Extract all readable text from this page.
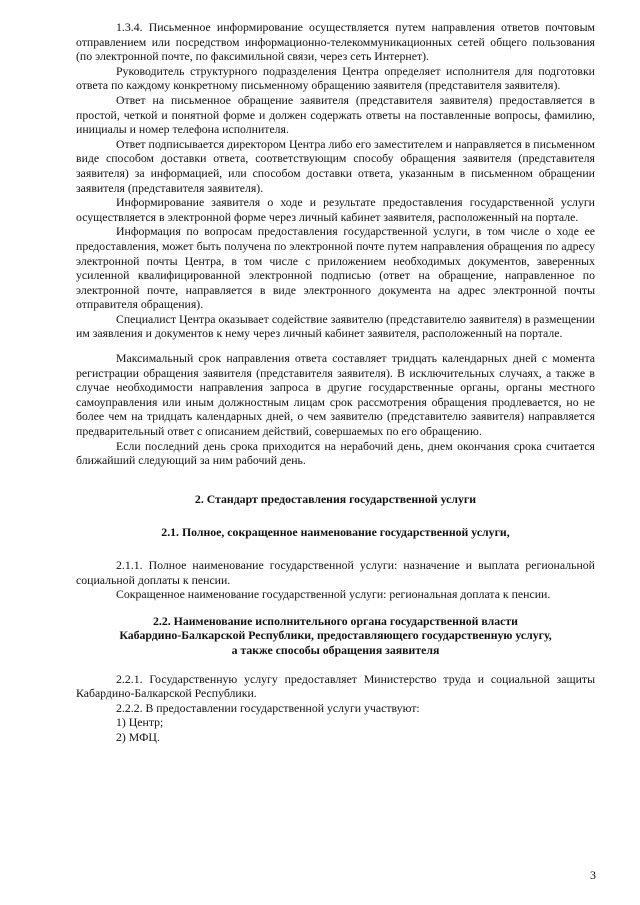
1.3.4. Письменное информирование осуществляется путем направления ответов почтовым отправлением или посредством информационно-телекоммуникационных сетей общего пользования (по электронной почте, по факсимильной связи, через сеть Интернет).

Руководитель структурного подразделения Центра определяет исполнителя для подготовки ответа по каждому конкретному письменному обращению заявителя (представителя заявителя).

Ответ на письменное обращение заявителя (представителя заявителя) предоставляется в простой, четкой и понятной форме и должен содержать ответы на поставленные вопросы, фамилию, инициалы и номер телефона исполнителя.

Ответ подписывается директором Центра либо его заместителем и направляется в письменном виде способом доставки ответа, соответствующим способу обращения заявителя (представителя заявителя) за информацией, или способом доставки ответа, указанным в письменном обращении заявителя (представителя заявителя).

Информирование заявителя о ходе и результате предоставления государственной услуги осуществляется в электронной форме через личный кабинет заявителя, расположенный на портале.

Информация по вопросам предоставления государственной услуги, в том числе о ходе ее предоставления, может быть получена по электронной почте путем направления обращения по адресу электронной почты Центра, в том числе с приложением необходимых документов, заверенных усиленной квалифицированной электронной подписью (ответ на обращение, направленное по электронной почте, направляется в виде электронного документа на адрес электронной почты отправителя обращения).

Специалист Центра оказывает содействие заявителю (представителю заявителя) в размещении им заявления и документов к нему через личный кабинет заявителя, расположенный на портале.

Максимальный срок направления ответа составляет тридцать календарных дней с момента регистрации обращения заявителя (представителя заявителя). В исключительных случаях, а также в случае необходимости направления запроса в другие государственные органы, органы местного самоуправления или иным должностным лицам срок рассмотрения обращения продлевается, но не более чем на тридцать календарных дней, о чем заявителю (представителю заявителя) направляется предварительный ответ с описанием действий, совершаемых по его обращению.

Если последний день срока приходится на нерабочий день, днем окончания срока считается ближайший следующий за ним рабочий день.

2. Стандарт предоставления государственной услуги

2.1. Полное, сокращенное наименование государственной услуги,

2.1.1. Полное наименование государственной услуги: назначение и выплата региональной социальной доплаты к пенсии.

Сокращенное наименование государственной услуги: региональная доплата к пенсии.

2.2. Наименование исполнительного органа государственной власти
Кабардино-Балкарской Республики, предоставляющего государственную услугу,
а также способы обращения заявителя

2.2.1. Государственную услугу предоставляет Министерство труда и социальной защиты Кабардино-Балкарской Республики.

2.2.2. В предоставлении государственной услуги участвуют:

1) Центр;

2) МФЦ.

3
